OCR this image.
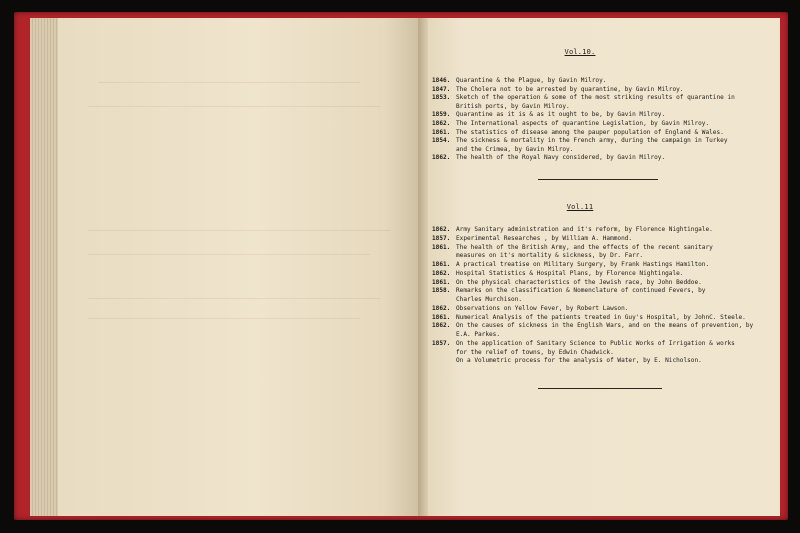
Vol.10.
1846. Quarantine & the Plague, by Gavin Milroy.
1847. The Cholera not to be arrested by quarantine, by Gavin Milroy.
1853. Sketch of the operation & some of the most striking results of quarantine in
British ports, by Gavin Milroy.
1859. Quarantine as it is & as it ought to be, by Gavin Milroy.
1862. The International aspects of quarantine Legislation, by Gavin Milroy.
1861. The statistics of disease among the pauper population of England & Wales.
1854. The sickness & mortality in the French army, during the campaign in Turkey
and the Crimea, by Gavin Milroy.
1862. The health of the Royal Navy considered, by Gavin Milroy.
Vol.11
1862. Army Sanitary administration and it's reform, by Florence Nightingale.
1857. Experimental Researches , by William A. Hammond.
1861. The health of the British Army, and the effects of the recent sanitary
measures on it's mortality & sickness, by Dr. Farr.
1861. A practical treatise on Military Surgery, by Frank Hastings Hamilton.
1862. Hospital Statistics & Hospital Plans, by Florence Nightingale.
1861. On the physical characteristics of the Jewish race, by John Beddoe.
1858. Remarks on the classification & Nomenclature of continued Fevers, by
Charles Murchison.
1862. Observations on Yellow Fever, by Robert Lawson.
1861. Numerical Analysis of the patients treated in Guy's Hospital, by JohnC. Steele.
1862. On the causes of sickness in the English Wars, and on the means of prevention, by
E.A. Parkes.
1857. On the application of Sanitary Science to Public Works of Irrigation & works
for the relief of towns, by Edwin Chadwick.
On a Volumetric process for the analysis of Water, by E. Nicholson.
